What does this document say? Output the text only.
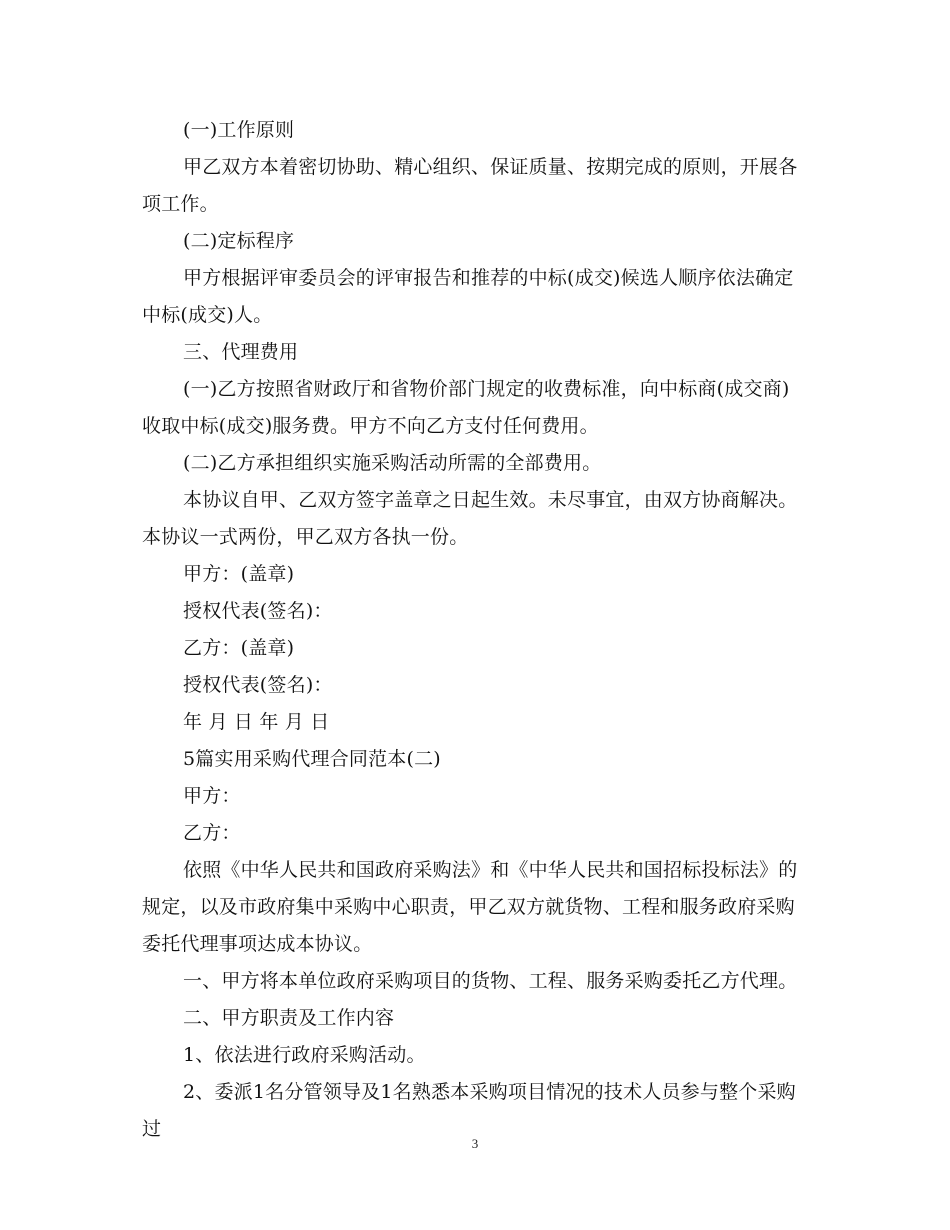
(一)工作原则

甲乙双方本着密切协助、精心组织、保证质量、按期完成的原则，开展各项工作。

(二)定标程序

甲方根据评审委员会的评审报告和推荐的中标(成交)候选人顺序依法确定中标(成交)人。

三、代理费用

(一)乙方按照省财政厅和省物价部门规定的收费标准，向中标商(成交商)收取中标(成交)服务费。甲方不向乙方支付任何费用。

(二)乙方承担组织实施采购活动所需的全部费用。

本协议自甲、乙双方签字盖章之日起生效。未尽事宜，由双方协商解决。本协议一式两份，甲乙双方各执一份。

甲方：(盖章)

授权代表(签名)：

乙方：(盖章)

授权代表(签名)：

年 月 日 年 月 日

5篇实用采购代理合同范本(二)

甲方：

乙方：

依照《中华人民共和国政府采购法》和《中华人民共和国招标投标法》的规定，以及市政府集中采购中心职责，甲乙双方就货物、工程和服务政府采购委托代理事项达成本协议。

一、甲方将本单位政府采购项目的货物、工程、服务采购委托乙方代理。

二、甲方职责及工作内容

1、依法进行政府采购活动。

2、委派1名分管领导及1名熟悉本采购项目情况的技术人员参与整个采购过

3
